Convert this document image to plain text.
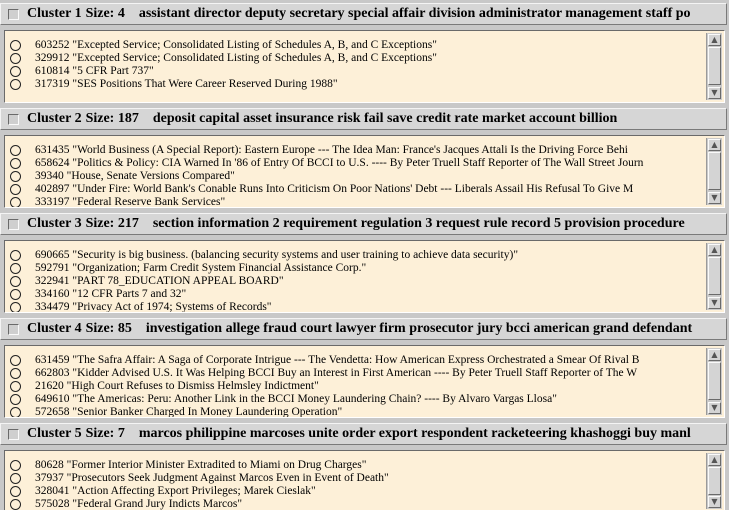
Cluster 1 Size: 4 assistant director deputy secretary special affair division administrator management staff po
603252 "Excepted Service; Consolidated Listing of Schedules A, B, and C Exceptions"
329912 "Excepted Service; Consolidated Listing of Schedules A, B, and C Exceptions"
610814 "5 CFR Part 737"
317319 "SES Positions That Were Career Reserved During 1988"
▲
▼
Cluster 2 Size: 187 deposit capital asset insurance risk fail save credit rate market account billion
631435 "World Business (A Special Report): Eastern Europe --- The Idea Man: France's Jacques Attali Is the Driving Force Behi
658624 "Politics & Policy: CIA Warned In '86 of Entry Of BCCI to U.S. ---- By Peter Truell Staff Reporter of The Wall Street Journ
39340 "House, Senate Versions Compared"
402897 "Under Fire: World Bank's Conable Runs Into Criticism On Poor Nations' Debt --- Liberals Assail His Refusal To Give M
333197 "Federal Reserve Bank Services"
▲
▼
Cluster 3 Size: 217 section information 2 requirement regulation 3 request rule record 5 provision procedure
690665 "Security is big business. (balancing security systems and user training to achieve data security)"
592791 "Organization; Farm Credit System Financial Assistance Corp."
322941 "PART 78_EDUCATION APPEAL BOARD"
334160 "12 CFR Parts 7 and 32"
334479 "Privacy Act of 1974; Systems of Records"
▲
▼
Cluster 4 Size: 85 investigation allege fraud court lawyer firm prosecutor jury bcci american grand defendant
631459 "The Safra Affair: A Saga of Corporate Intrigue --- The Vendetta: How American Express Orchestrated a Smear Of Rival B
662803 "Kidder Advised U.S. It Was Helping BCCI Buy an Interest in First American ---- By Peter Truell Staff Reporter of The W
21620 "High Court Refuses to Dismiss Helmsley Indictment"
649610 "The Americas: Peru: Another Link in the BCCI Money Laundering Chain? ---- By Alvaro Vargas Llosa"
572658 "Senior Banker Charged In Money Laundering Operation"
▲
▼
Cluster 5 Size: 7 marcos philippine marcoses unite order export respondent racketeering khashoggi buy manl
80628 "Former Interior Minister Extradited to Miami on Drug Charges"
37937 "Prosecutors Seek Judgment Against Marcos Even in Event of Death"
328041 "Action Affecting Export Privileges; Marek Cieslak"
575028 "Federal Grand Jury Indicts Marcos"
▲
▼
